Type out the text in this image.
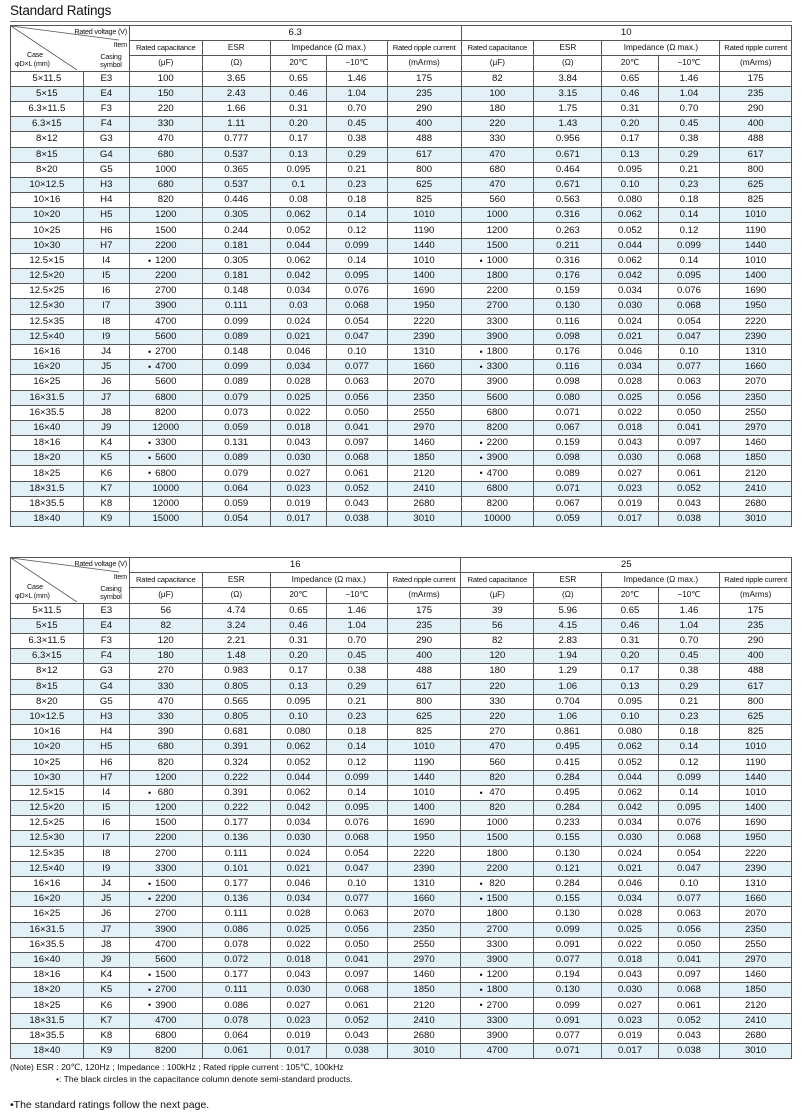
Standard Ratings
Rated voltage (V)
Item
Casing symbol
Case
φD×L (mm)		6.3					10				
		Rated capacitance	ESR	Impedance (Ω max.)		Rated ripple current	Rated capacitance	ESR	Impedance (Ω max.)		Rated ripple current
		(μF)	(Ω)	20℃	−10℃	(mArms)	(μF)	(Ω)	20℃	−10℃	(mArms)
5×11.5	E3	100	3.65	0.65	1.46	175	82	3.84	0.65	1.46	175
5×15	E4	150	2.43	0.46	1.04	235	100	3.15	0.46	1.04	235
6.3×11.5	F3	220	1.66	0.31	0.70	290	180	1.75	0.31	0.70	290
6.3×15	F4	330	1.11	0.20	0.45	400	220	1.43	0.20	0.45	400
8×12	G3	470	0.777	0.17	0.38	488	330	0.956	0.17	0.38	488
8×15	G4	680	0.537	0.13	0.29	617	470	0.671	0.13	0.29	617
8×20	G5	1000	0.365	0.095	0.21	800	680	0.464	0.095	0.21	800
10×12.5	H3	680	0.537	0.1	0.23	625	470	0.671	0.10	0.23	625
10×16	H4	820	0.446	0.08	0.18	825	560	0.563	0.080	0.18	825
10×20	H5	1200	0.305	0.062	0.14	1010	1000	0.316	0.062	0.14	1010
10×25	H6	1500	0.244	0.052	0.12	1190	1200	0.263	0.052	0.12	1190
10×30	H7	2200	0.181	0.044	0.099	1440	1500	0.211	0.044	0.099	1440
12.5×15	I4	• 1200	0.305	0.062	0.14	1010	• 1000	0.316	0.062	0.14	1010
12.5×20	I5	2200	0.181	0.042	0.095	1400	1800	0.176	0.042	0.095	1400
12.5×25	I6	2700	0.148	0.034	0.076	1690	2200	0.159	0.034	0.076	1690
12.5×30	I7	3900	0.111	0.03	0.068	1950	2700	0.130	0.030	0.068	1950
12.5×35	I8	4700	0.099	0.024	0.054	2220	3300	0.116	0.024	0.054	2220
12.5×40	I9	5600	0.089	0.021	0.047	2390	3900	0.098	0.021	0.047	2390
16×16	J4	• 2700	0.148	0.046	0.10	1310	• 1800	0.176	0.046	0.10	1310
16×20	J5	• 4700	0.099	0.034	0.077	1660	• 3300	0.116	0.034	0.077	1660
16×25	J6	5600	0.089	0.028	0.063	2070	3900	0.098	0.028	0.063	2070
16×31.5	J7	6800	0.079	0.025	0.056	2350	5600	0.080	0.025	0.056	2350
16×35.5	J8	8200	0.073	0.022	0.050	2550	6800	0.071	0.022	0.050	2550
16×40	J9	12000	0.059	0.018	0.041	2970	8200	0.067	0.018	0.041	2970
18×16	K4	• 3300	0.131	0.043	0.097	1460	• 2200	0.159	0.043	0.097	1460
18×20	K5	• 5600	0.089	0.030	0.068	1850	• 3900	0.098	0.030	0.068	1850
18×25	K6	• 6800	0.079	0.027	0.061	2120	• 4700	0.089	0.027	0.061	2120
18×31.5	K7	10000	0.064	0.023	0.052	2410	6800	0.071	0.023	0.052	2410
18×35.5	K8	12000	0.059	0.019	0.043	2680	8200	0.067	0.019	0.043	2680
18×40	K9	15000	0.054	0.017	0.038	3010	10000	0.059	0.017	0.038	3010
Rated voltage (V)
Item
Casing symbol
Case
φD×L (mm)		16					25				
		Rated capacitance	ESR	Impedance (Ω max.)		Rated ripple current	Rated capacitance	ESR	Impedance (Ω max.)		Rated ripple current
		(μF)	(Ω)	20℃	−10℃	(mArms)	(μF)	(Ω)	20℃	−10℃	(mArms)
5×11.5	E3	56	4.74	0.65	1.46	175	39	5.96	0.65	1.46	175
5×15	E4	82	3.24	0.46	1.04	235	56	4.15	0.46	1.04	235
6.3×11.5	F3	120	2.21	0.31	0.70	290	82	2.83	0.31	0.70	290
6.3×15	F4	180	1.48	0.20	0.45	400	120	1.94	0.20	0.45	400
8×12	G3	270	0.983	0.17	0.38	488	180	1.29	0.17	0.38	488
8×15	G4	330	0.805	0.13	0.29	617	220	1.06	0.13	0.29	617
8×20	G5	470	0.565	0.095	0.21	800	330	0.704	0.095	0.21	800
10×12.5	H3	330	0.805	0.10	0.23	625	220	1.06	0.10	0.23	625
10×16	H4	390	0.681	0.080	0.18	825	270	0.861	0.080	0.18	825
10×20	H5	680	0.391	0.062	0.14	1010	470	0.495	0.062	0.14	1010
10×25	H6	820	0.324	0.052	0.12	1190	560	0.415	0.052	0.12	1190
10×30	H7	1200	0.222	0.044	0.099	1440	820	0.284	0.044	0.099	1440
12.5×15	I4	• 680	0.391	0.062	0.14	1010	• 470	0.495	0.062	0.14	1010
12.5×20	I5	1200	0.222	0.042	0.095	1400	820	0.284	0.042	0.095	1400
12.5×25	I6	1500	0.177	0.034	0.076	1690	1000	0.233	0.034	0.076	1690
12.5×30	I7	2200	0.136	0.030	0.068	1950	1500	0.155	0.030	0.068	1950
12.5×35	I8	2700	0.111	0.024	0.054	2220	1800	0.130	0.024	0.054	2220
12.5×40	I9	3300	0.101	0.021	0.047	2390	2200	0.121	0.021	0.047	2390
16×16	J4	• 1500	0.177	0.046	0.10	1310	• 820	0.284	0.046	0.10	1310
16×20	J5	• 2200	0.136	0.034	0.077	1660	• 1500	0.155	0.034	0.077	1660
16×25	J6	2700	0.111	0.028	0.063	2070	1800	0.130	0.028	0.063	2070
16×31.5	J7	3900	0.086	0.025	0.056	2350	2700	0.099	0.025	0.056	2350
16×35.5	J8	4700	0.078	0.022	0.050	2550	3300	0.091	0.022	0.050	2550
16×40	J9	5600	0.072	0.018	0.041	2970	3900	0.077	0.018	0.041	2970
18×16	K4	• 1500	0.177	0.043	0.097	1460	• 1200	0.194	0.043	0.097	1460
18×20	K5	• 2700	0.111	0.030	0.068	1850	• 1800	0.130	0.030	0.068	1850
18×25	K6	• 3900	0.086	0.027	0.061	2120	• 2700	0.099	0.027	0.061	2120
18×31.5	K7	4700	0.078	0.023	0.052	2410	3300	0.091	0.023	0.052	2410
18×35.5	K8	6800	0.064	0.019	0.043	2680	3900	0.077	0.019	0.043	2680
18×40	K9	8200	0.061	0.017	0.038	3010	4700	0.071	0.017	0.038	3010
(Note) ESR : 20℃, 120Hz ; Impedance : 100kHz ; Rated ripple current : 105℃, 100kHz
•: The black circles in the capacitance column denote semi-standard products.
•The standard ratings follow the next page.
